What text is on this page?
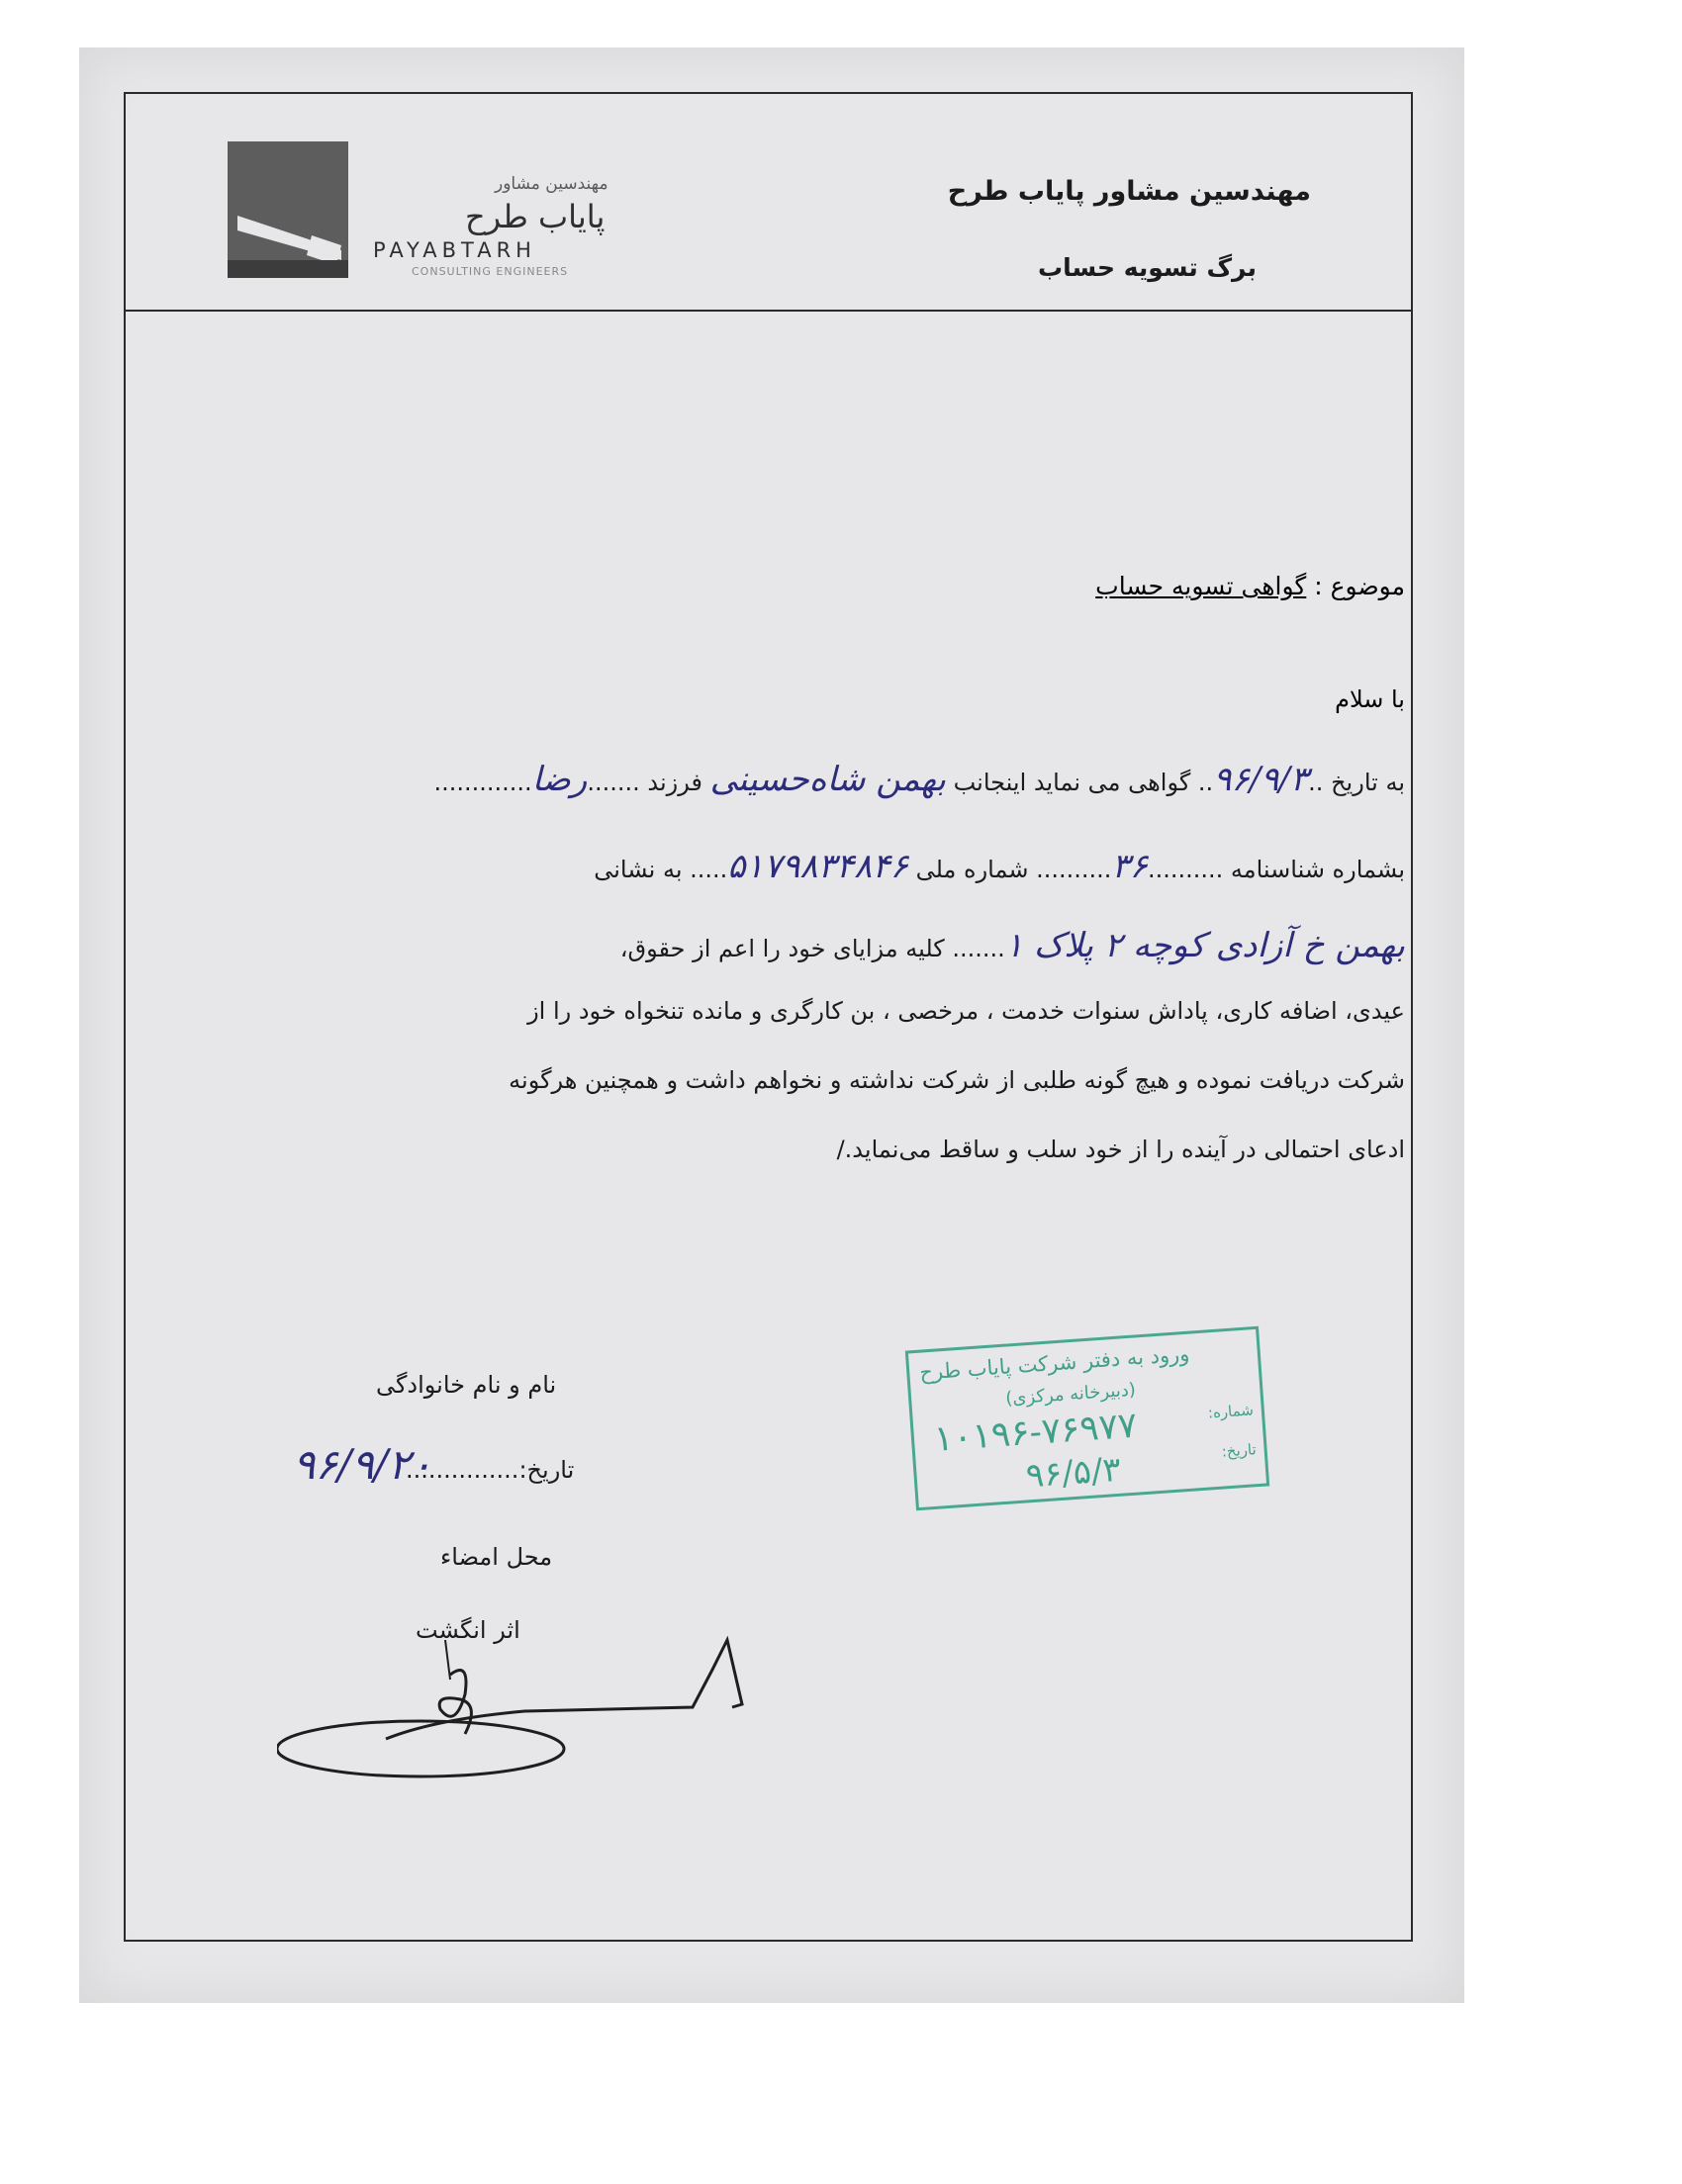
مهندسین مشاور
پایاب طرح
PAYABTARH
CONSULTING ENGINEERS
مهندسین مشاور پایاب طرح
برگ تسویه حساب
موضوع : گواهی تسویه حساب
با سلام
به تاریخ ..۹۶/۹/۳.. گواهی می نماید اینجانب بهمن شاه‌حسینی فرزند .......رضا.............
بشماره شناسنامه ..........۳۶.......... شماره ملی ۵۱۷۹۸۳۴۸۴۶..... به نشانی
بهمن خ آزادی کوچه ۲ پلاک ۱....... کلیه مزایای خود را اعم از حقوق،
عیدی، اضافه کاری، پاداش سنوات خدمت ، مرخصی ، بن کارگری و مانده تنخواه خود را از
شرکت دریافت نموده و هیچ گونه طلبی از شرکت نداشته و نخواهم داشت و همچنین هرگونه
ادعای احتمالی در آینده را از خود سلب و ساقط می‌نماید./
نام و نام خانوادگی
۹۶/۹/۲۰	تاریخ:...............
محل امضاء
اثر انگشت
ورود به دفتر شرکت پایاب طرح
(دبیرخانه مرکزی)
شماره:
۱۰۱۹۶-۷۶۹۷۷	تاریخ:
۹۶/۵/۳
